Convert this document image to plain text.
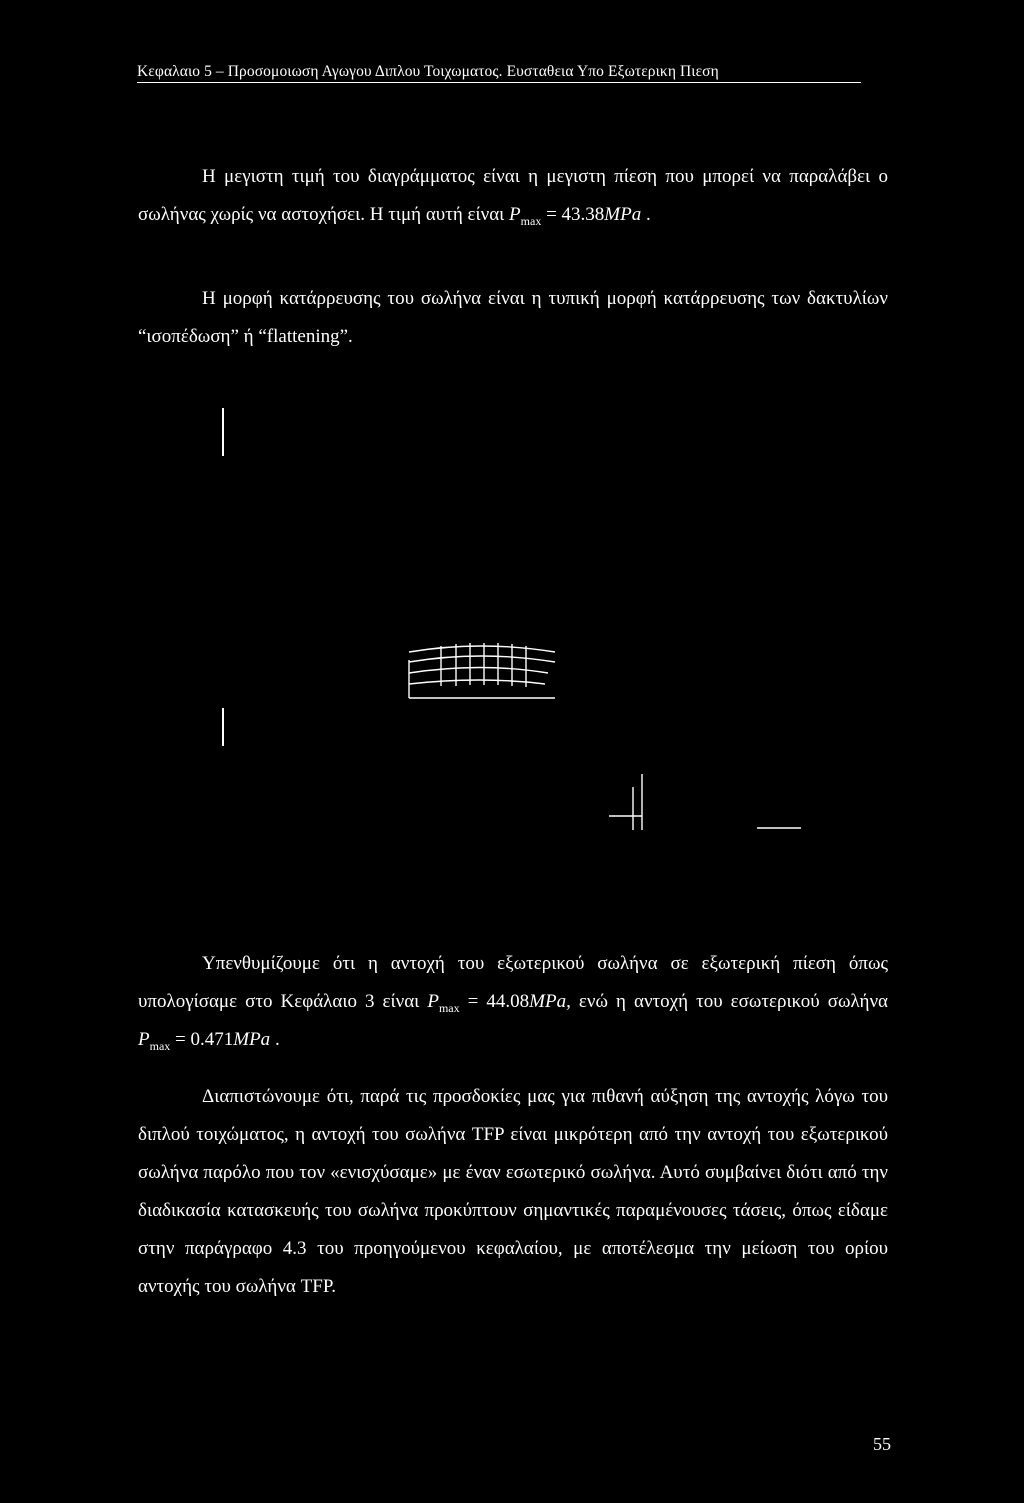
Κεφαλαιο 5 – Προσομοιωση Αγωγου Διπλου Τοιχωματος. Ευσταθεια Υπο Εξωτερικη Πιεση
Η μεγιστη τιμή του διαγράμματος είναι η μεγιστη πίεση που μπορεί να παραλάβει ο σωλήνας χωρίς να αστοχήσει. Η τιμή αυτή είναι $P_{max} = 43.38MPa$ .
Η μορφή κατάρρευσης του σωλήνα είναι η τυπική μορφή κατάρρευσης των δακτυλίων “ισοπέδωση” ή “flattening”.
Υπενθυμίζουμε ότι η αντοχή του εξωτερικού σωλήνα σε εξωτερική πίεση όπως υπολογίσαμε στο Κεφάλαιο 3 είναι $P_{max} = 44.08MPa$, ενώ η αντοχή του εσωτερικού σωλήνα $P_{max} = 0.471MPa$ .
Διαπιστώνουμε ότι, παρά τις προσδοκίες μας για πιθανή αύξηση της αντοχής λόγω του διπλού τοιχώματος, η αντοχή του σωλήνα TFP είναι μικρότερη από την αντοχή του εξωτερικού σωλήνα παρόλο που τον «ενισχύσαμε» με έναν εσωτερικό σωλήνα. Αυτό συμβαίνει διότι από την διαδικασία κατασκευής του σωλήνα προκύπτουν σημαντικές παραμένουσες τάσεις, όπως είδαμε στην παράγραφο 4.3 του προηγούμενου κεφαλαίου, με αποτέλεσμα την μείωση του ορίου αντοχής του σωλήνα TFP.
55
